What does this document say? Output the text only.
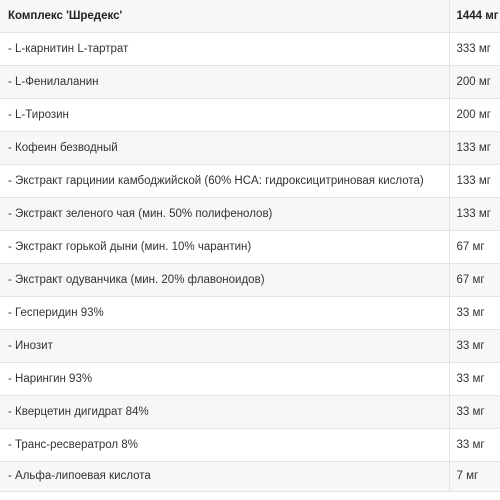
Комплекс 'Шредекс'	1444 мг
- L-карнитин L-тартрат	333 мг
- L-Фенилаланин	200 мг
- L-Тирозин	200 мг
- Кофеин безводный	133 мг
- Экстракт гарцинии камбоджийской (60% HCA: гидроксицитриновая кислота)	133 мг
- Экстракт зеленого чая (мин. 50% полифенолов)	133 мг
- Экстракт горькой дыни (мин. 10% чарантин)	67 мг
- Экстракт одуванчика (мин. 20% флавоноидов)	67 мг
- Гесперидин 93%	33 мг
- Инозит	33 мг
- Нарингин 93%	33 мг
- Кверцетин дигидрат 84%	33 мг
- Транс-ресвератрол 8%	33 мг
- Альфа-липоевая кислота	7 мг
